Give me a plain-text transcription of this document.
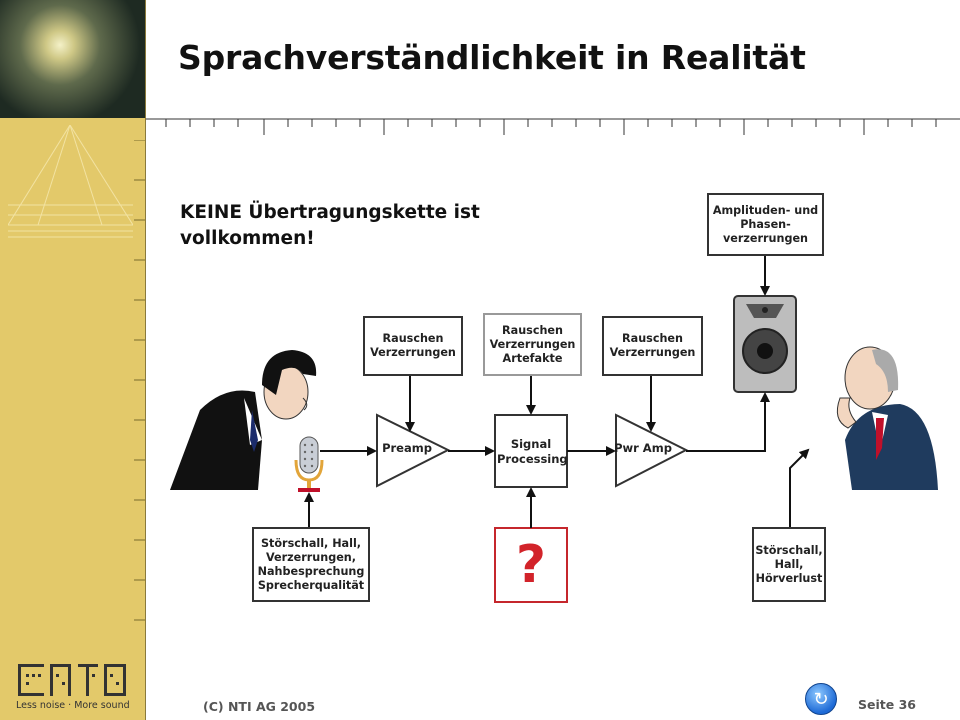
Less noise · More sound
Sprachverständlichkeit in Realität
KEINE Übertragungskette ist vollkommen!
Störschall, Hall,
Verzerrungen,
Nahbesprechung
Sprecherqualität
Rauschen
Verzerrungen
Rauschen
Verzerrungen
Artefakte
Rauschen
Verzerrungen
Amplituden- und
Phasen-
verzerrungen
Störschall,
Hall,
Hörverlust
Preamp	Signal
Processing
Pwr Amp
?
(C) NTI AG 2005	↻	Seite 36
